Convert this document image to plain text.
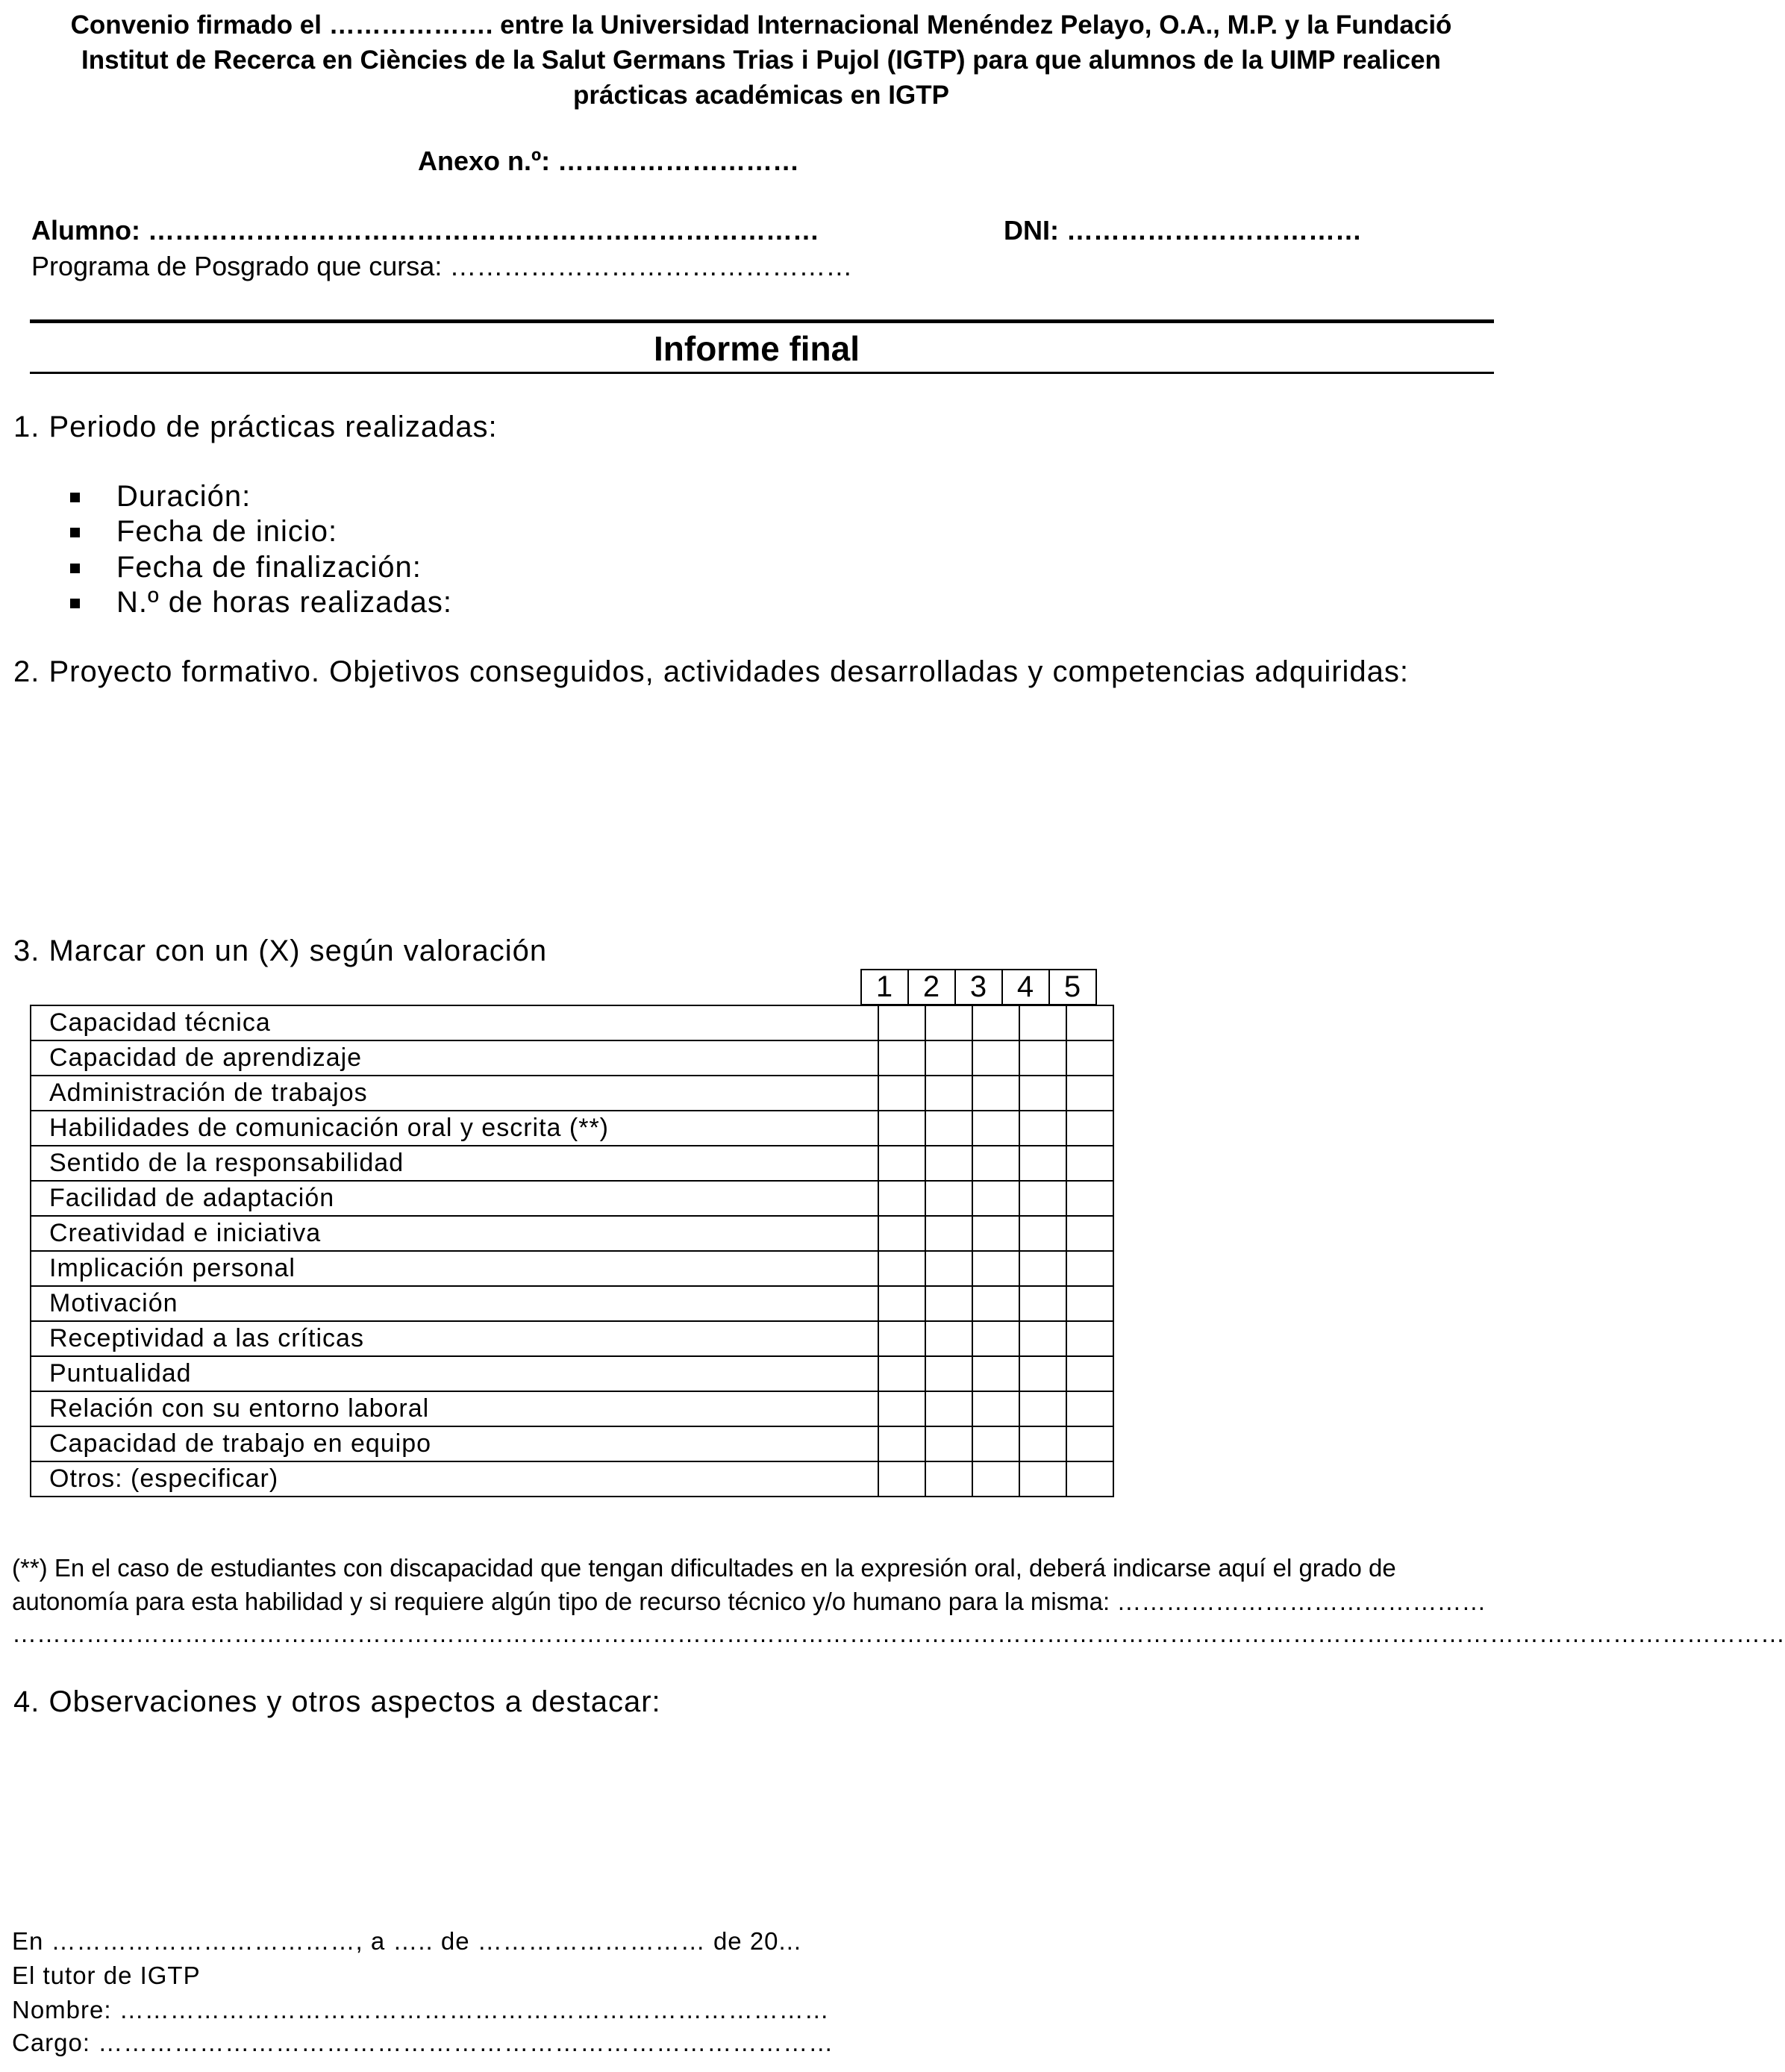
Convenio firmado el ………………. entre la Universidad Internacional Menéndez Pelayo, O.A., M.P. y la Fundació Institut de Recerca en Ciències de la Salut Germans Trias i Pujol (IGTP) para que alumnos de la UIMP realicen prácticas académicas en IGTP
Anexo n.º: ………………………
Alumno: …………………………………………………………………	DNI: ……………………………
Programa de Posgrado que cursa: ………………………………………
Informe final
1. Periodo de prácticas realizadas:
Duración:
Fecha de inicio:
Fecha de finalización:
N.º de horas realizadas:
2. Proyecto formativo. Objetivos conseguidos, actividades desarrolladas y competencias adquiridas:
3. Marcar con un (X) según valoración
1	2	3	4	5
Capacidad técnica					
Capacidad de aprendizaje					
Administración de trabajos					
Habilidades de comunicación oral y escrita (**)					
Sentido de la responsabilidad					
Facilidad de adaptación					
Creatividad e iniciativa					
Implicación personal					
Motivación					
Receptividad a las críticas					
Puntualidad					
Relación con su entorno laboral					
Capacidad de trabajo en equipo					
Otros: (especificar)					
(**) En el caso de estudiantes con discapacidad que tengan dificultades en la expresión oral, deberá indicarse aquí el grado de
autonomía para esta habilidad y si requiere algún tipo de recurso técnico y/o humano para la misma: ………………………………………
………………………………………………………………………………………………………………………………………………………………………………………………
4. Observaciones y otros aspectos a destacar:
En ………………………………, a ….. de ……………………… de 20...
El tutor de IGTP
Nombre: …………………………………………………………………………
Cargo: ……………………………………………………………………………
